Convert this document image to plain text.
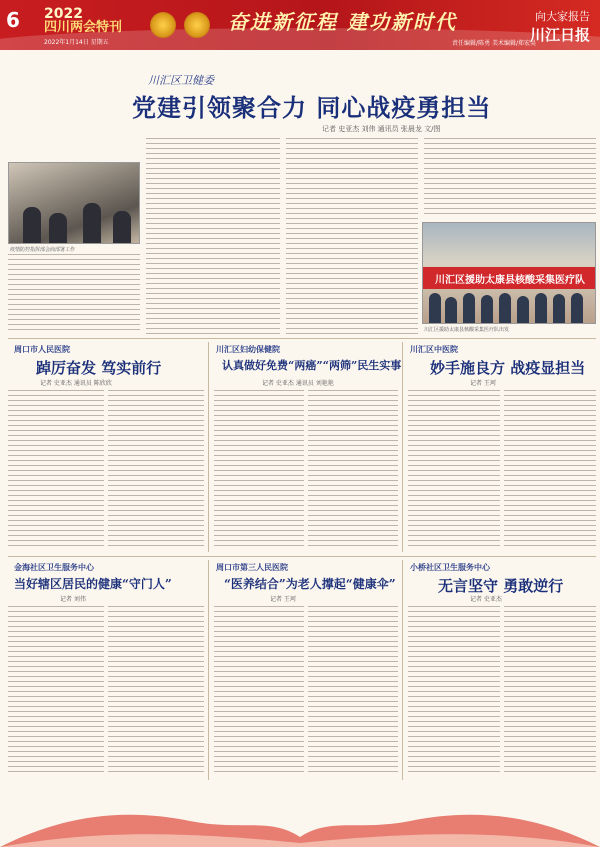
6	2022
四川两会特刊	奋进新征程 建功新时代	向大家报告
川江日报
2022年1月14日 星期五	责任编辑/陈勇 美术编辑/郑宏昊
川汇区卫健委
党建引领聚合力 同心战疫勇担当
记者 史亚杰 刘伟 通讯员 张晨龙 文/图
疫情防控指挥部会商部署工作
川汇区援助太康县核酸采集医疗队
川汇区援助太康县核酸采集医疗队出发
周口市人民医院
踔厉奋发 笃实前行
记者 史亚杰 通讯员 陈欣欣
川汇区妇幼保健院
认真做好免费“两癌”“两筛”民生实事
记者 史亚杰 通讯员 刘艳艳
川汇区中医院
妙手施良方 战疫显担当
记者 王珂
金海社区卫生服务中心
当好辖区居民的健康“守门人”
记者 刘伟
周口市第三人民医院
“医养结合”为老人撑起“健康伞”
记者 王珂
小桥社区卫生服务中心
无言坚守 勇敢逆行
记者 史亚杰
